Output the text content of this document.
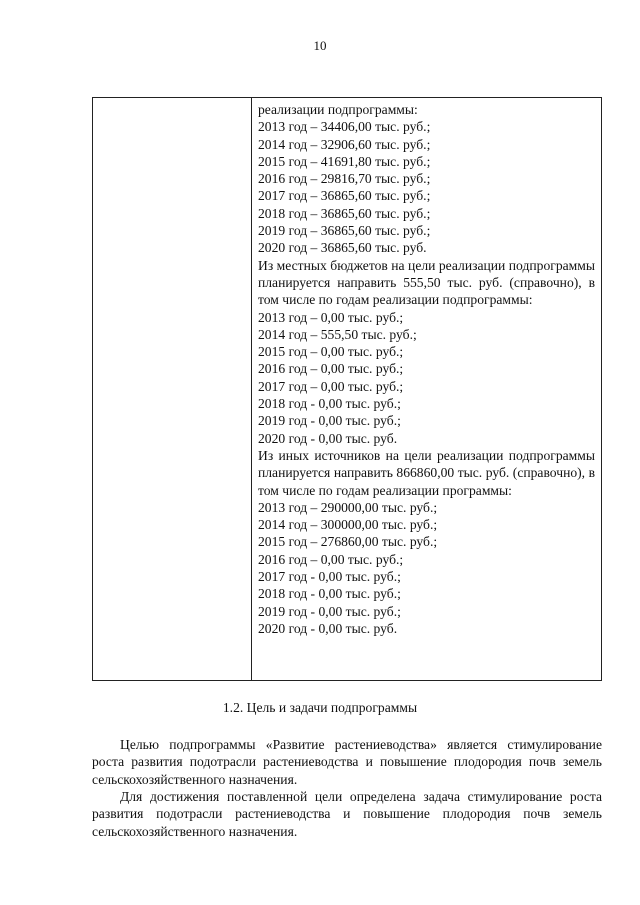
10
реализации подпрограммы:
2013 год – 34406,00 тыс. руб.;
2014 год – 32906,60 тыс. руб.;
2015 год – 41691,80 тыс. руб.;
2016 год – 29816,70 тыс. руб.;
2017 год – 36865,60 тыс. руб.;
2018 год – 36865,60 тыс. руб.;
2019 год – 36865,60 тыс. руб.;
2020 год – 36865,60 тыс. руб.
Из местных бюджетов на цели реализации подпрограммы планируется направить 555,50 тыс. руб. (справочно), в том числе по годам реализации подпрограммы:
2013 год – 0,00 тыс. руб.;
2014 год – 555,50 тыс. руб.;
2015 год – 0,00 тыс. руб.;
2016 год – 0,00 тыс. руб.;
2017 год – 0,00 тыс. руб.;
2018 год - 0,00 тыс. руб.;
2019 год - 0,00 тыс. руб.;
2020 год - 0,00 тыс. руб.
Из иных источников на цели реализации подпрограммы планируется направить 866860,00 тыс. руб. (справочно), в том числе по годам реализации программы:
2013 год – 290000,00 тыс. руб.;
2014 год – 300000,00 тыс. руб.;
2015 год – 276860,00 тыс. руб.;
2016 год – 0,00 тыс. руб.;
2017 год - 0,00 тыс. руб.;
2018 год - 0,00 тыс. руб.;
2019 год - 0,00 тыс. руб.;
2020 год - 0,00 тыс. руб.
1.2. Цель и задачи подпрограммы

Целью подпрограммы «Развитие растениеводства» является стимулирование роста развития подотрасли растениеводства и повышение плодородия почв земель сельскохозяйственного назначения.

Для достижения поставленной цели определена задача стимулирование роста развития подотрасли растениеводства и повышение плодородия почв земель сельскохозяйственного назначения.
